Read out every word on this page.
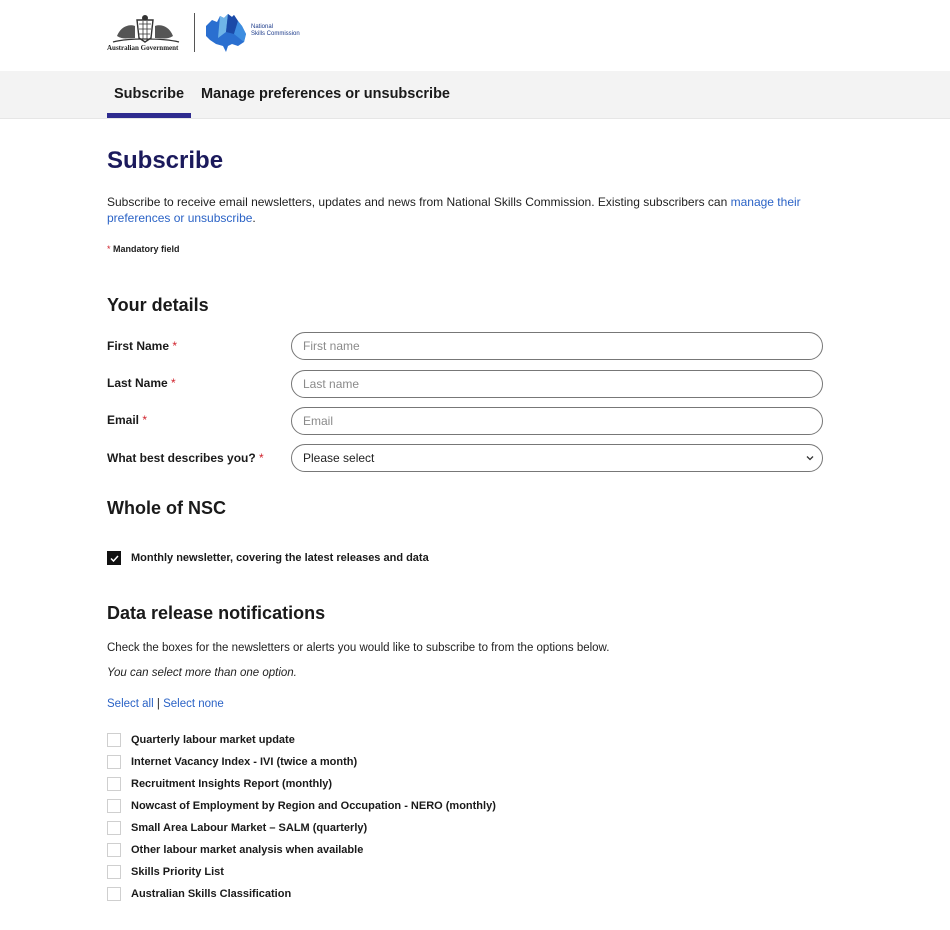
Australian Government
National
Skills Commission
Subscribe	Manage preferences or unsubscribe
Subscribe

Subscribe to receive email newsletters, updates and news from National Skills Commission. Existing subscribers can manage their preferences or unsubscribe.

* Mandatory field
Your details
First Name *
First name
Last Name *
Last name
Email *
Email
What best describes you? *	Please select
Whole of NSC
Monthly newsletter, covering the latest releases and data
Data release notifications

Check the boxes for the newsletters or alerts you would like to subscribe to from the options below.

You can select more than one option.

Select all | Select none
Quarterly labour market update
Internet Vacancy Index - IVI (twice a month)
Recruitment Insights Report (monthly)
Nowcast of Employment by Region and Occupation - NERO (monthly)
Small Area Labour Market – SALM (quarterly)
Other labour market analysis when available
Skills Priority List
Australian Skills Classification
